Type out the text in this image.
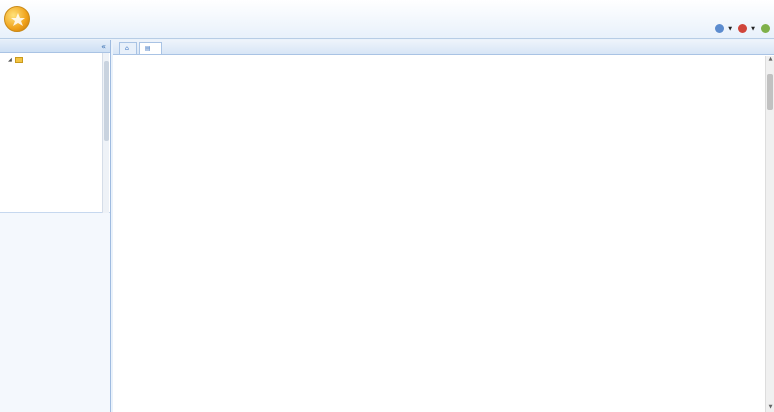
▼	▼
«
◢
⌂	▤
▲
▼
